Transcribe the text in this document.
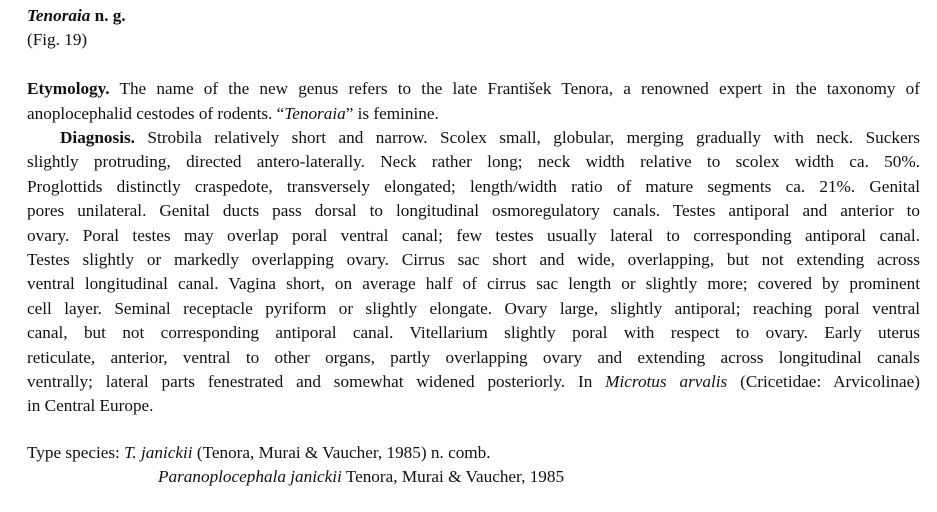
Tenoraia n. g.
(Fig. 19)
Etymology. The name of the new genus refers to the late František Tenora, a renowned expert in the taxonomy of
anoplocephalid cestodes of rodents. “Tenoraia” is feminine.
Diagnosis. Strobila relatively short and narrow. Scolex small, globular, merging gradually with neck. Suckers
slightly protruding, directed antero-laterally. Neck rather long; neck width relative to scolex width ca. 50%.
Proglottids distinctly craspedote, transversely elongated; length/width ratio of mature segments ca. 21%. Genital
pores unilateral. Genital ducts pass dorsal to longitudinal osmoregulatory canals. Testes antiporal and anterior to
ovary. Poral testes may overlap poral ventral canal; few testes usually lateral to corresponding antiporal canal.
Testes slightly or markedly overlapping ovary. Cirrus sac short and wide, overlapping, but not extending across
ventral longitudinal canal. Vagina short, on average half of cirrus sac length or slightly more; covered by prominent
cell layer. Seminal receptacle pyriform or slightly elongate. Ovary large, slightly antiporal; reaching poral ventral
canal, but not corresponding antiporal canal. Vitellarium slightly poral with respect to ovary. Early uterus
reticulate, anterior, ventral to other organs, partly overlapping ovary and extending across longitudinal canals
ventrally; lateral parts fenestrated and somewhat widened posteriorly. In Microtus arvalis (Cricetidae: Arvicolinae)
in Central Europe.
Type species: T. janickii (Tenora, Murai & Vaucher, 1985) n. comb.
Paranoplocephala janickii Tenora, Murai & Vaucher, 1985
